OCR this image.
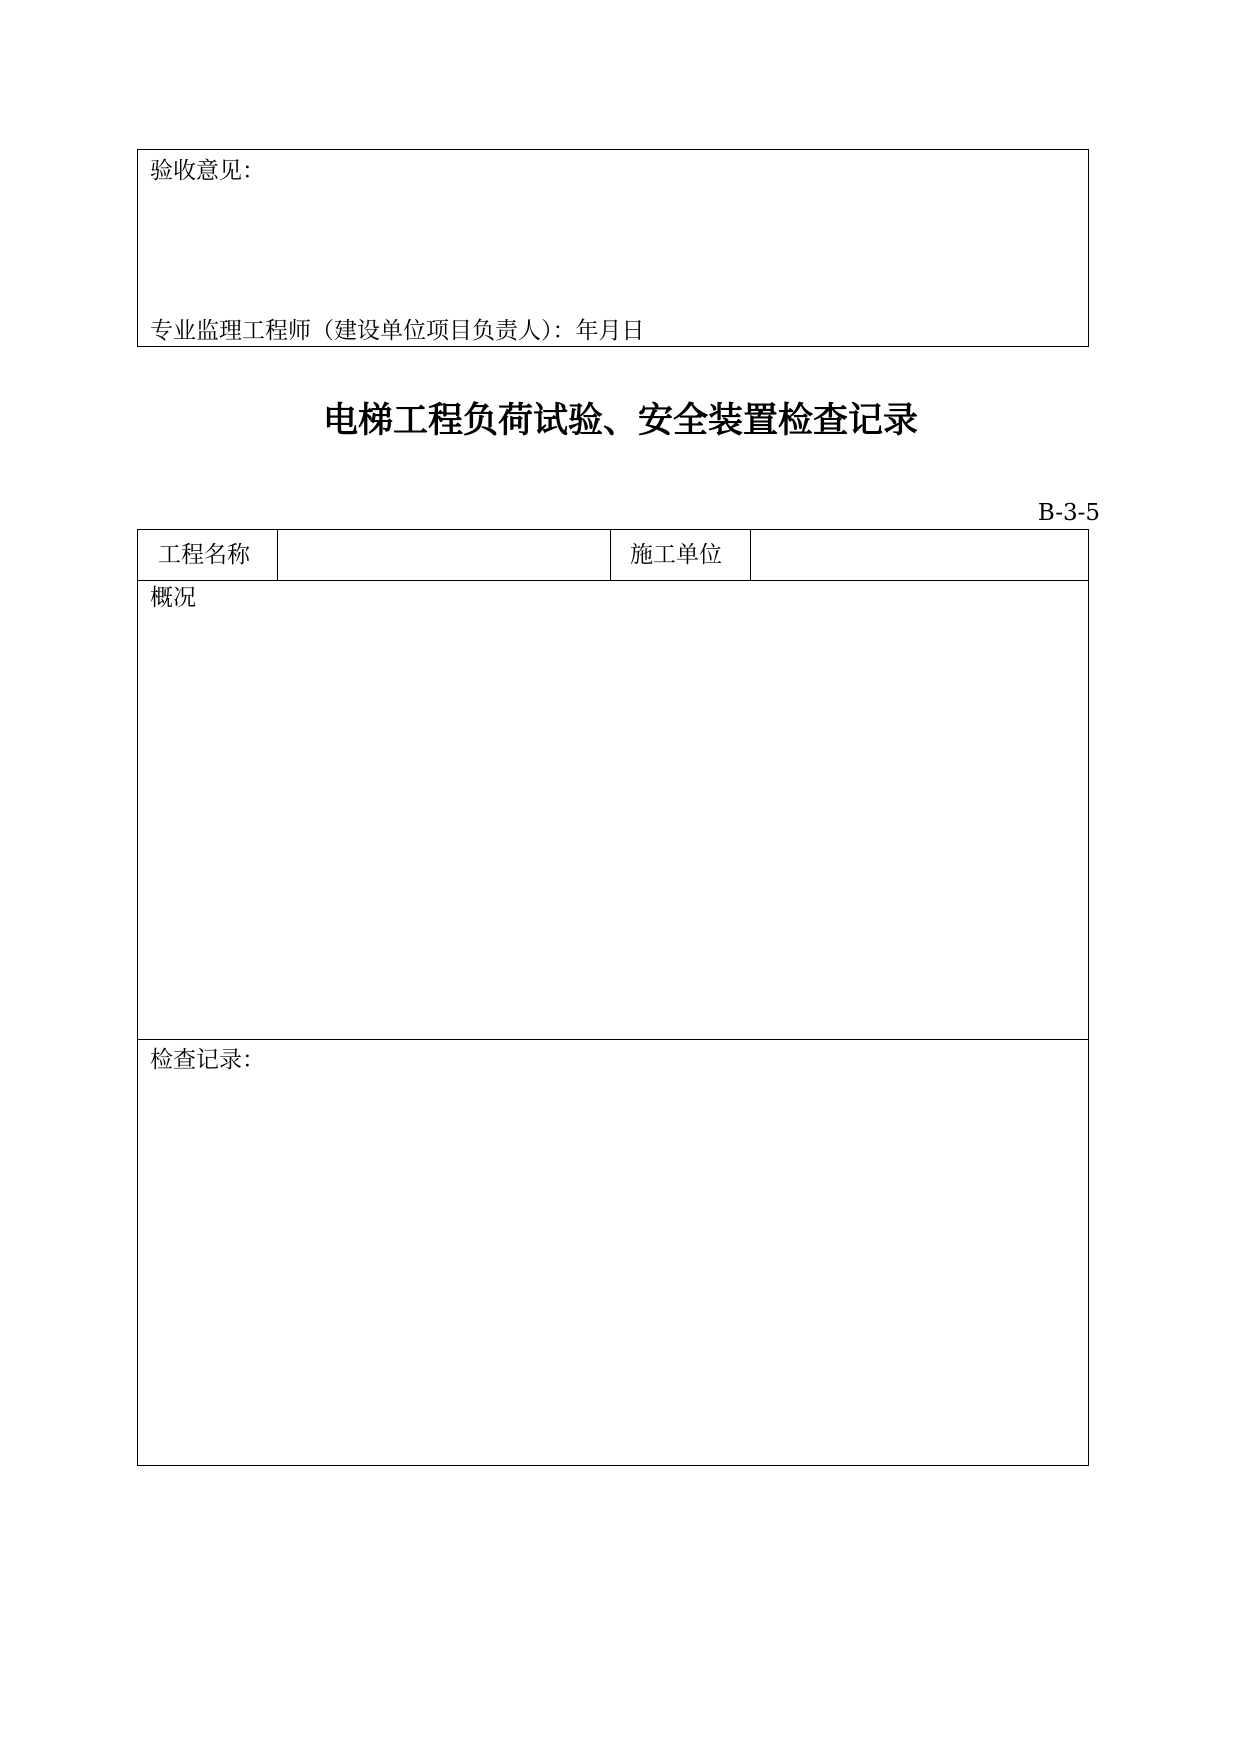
验收意见：
专业监理工程师（建设单位项目负责人）：年月日
电梯工程负荷试验、安全装置检查记录
B-3-5
工程名称	施工单位
概况
检查记录：
